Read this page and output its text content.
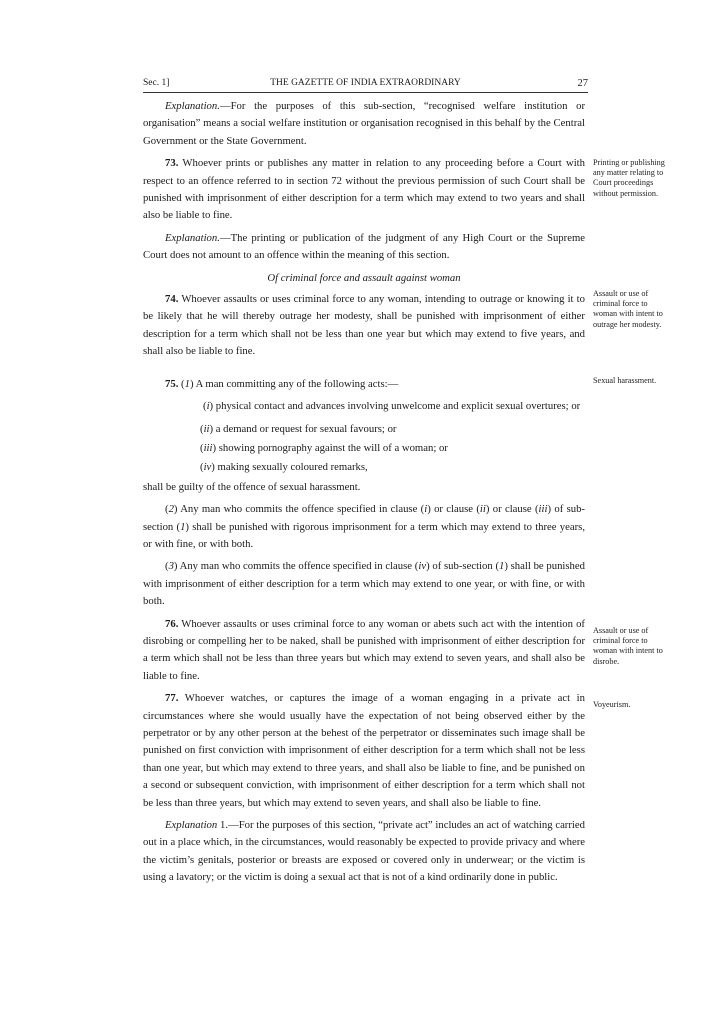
Sec. 1]	THE GAZETTE OF INDIA EXTRAORDINARY	27

Explanation.—For the purposes of this sub-section, “recognised welfare institution or organisation” means a social welfare institution or organisation recognised in this behalf by the Central Government or the State Government.

73. Whoever prints or publishes any matter in relation to any proceeding before a Court with respect to an offence referred to in section 72 without the previous permission of such Court shall be punished with imprisonment of either description for a term which may extend to two years and shall also be liable to fine.

Explanation.—The printing or publication of the judgment of any High Court or the Supreme Court does not amount to an offence within the meaning of this section.

Of criminal force and assault against woman

74. Whoever assaults or uses criminal force to any woman, intending to outrage or knowing it to be likely that he will thereby outrage her modesty, shall be punished with imprisonment of either description for a term which shall not be less than one year but which may extend to five years, and shall also be liable to fine.

75. (1) A man committing any of the following acts:—

(i) physical contact and advances involving unwelcome and explicit sexual overtures; or

(ii) a demand or request for sexual favours; or

(iii) showing pornography against the will of a woman; or

(iv) making sexually coloured remarks,

shall be guilty of the offence of sexual harassment.

(2) Any man who commits the offence specified in clause (i) or clause (ii) or clause (iii) of sub-section (1) shall be punished with rigorous imprisonment for a term which may extend to three years, or with fine, or with both.

(3) Any man who commits the offence specified in clause (iv) of sub-section (1) shall be punished with imprisonment of either description for a term which may extend to one year, or with fine, or with both.

76. Whoever assaults or uses criminal force to any woman or abets such act with the intention of disrobing or compelling her to be naked, shall be punished with imprisonment of either description for a term which shall not be less than three years but which may extend to seven years, and shall also be liable to fine.

77. Whoever watches, or captures the image of a woman engaging in a private act in circumstances where she would usually have the expectation of not being observed either by the perpetrator or by any other person at the behest of the perpetrator or disseminates such image shall be punished on first conviction with imprisonment of either description for a term which shall not be less than one year, but which may extend to three years, and shall also be liable to fine, and be punished on a second or subsequent conviction, with imprisonment of either description for a term which shall not be less than three years, but which may extend to seven years, and shall also be liable to fine.

Explanation 1.—For the purposes of this section, “private act” includes an act of watching carried out in a place which, in the circumstances, would reasonably be expected to provide privacy and where the victim’s genitals, posterior or breasts are exposed or covered only in underwear; or the victim is using a lavatory; or the victim is doing a sexual act that is not of a kind ordinarily done in public.

Printing or publishing any matter relating to Court proceedings without permission.
Assault or use of criminal force to woman with intent to outrage her modesty.
Sexual harassment.
Assault or use of criminal force to woman with intent to disrobe.
Voyeurism.
